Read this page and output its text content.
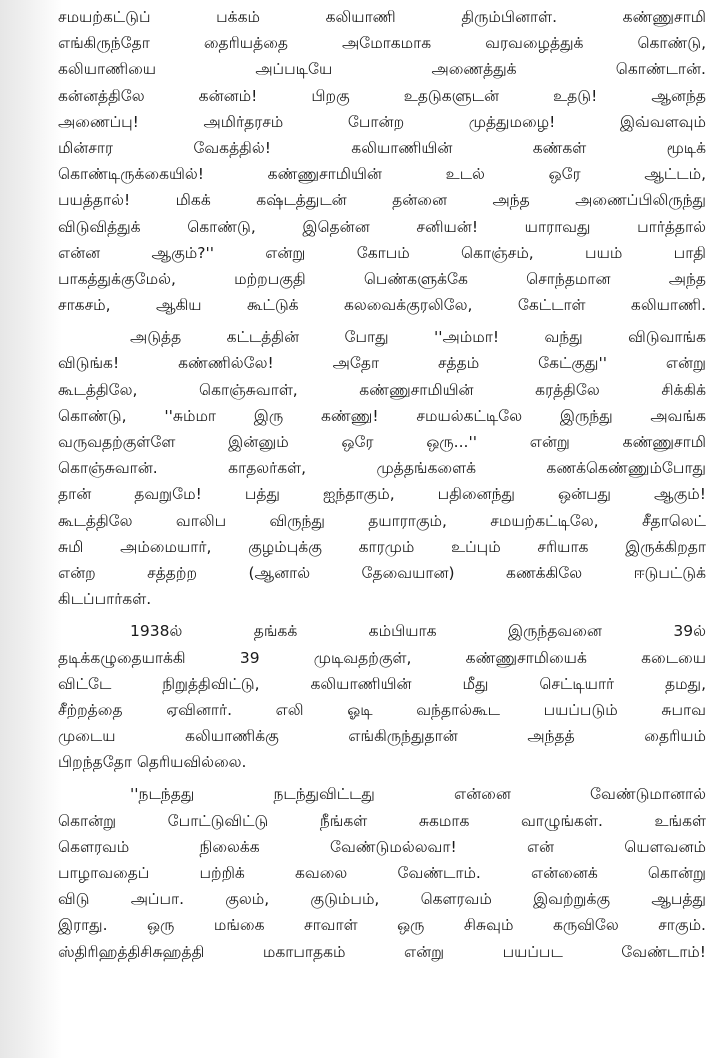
சமயற்கட்டுப் பக்கம் கலியாணி திரும்பினாள். கண்ணுசாமி
எங்கிருந்தோ தைரியத்தை அமோகமாக வரவழைத்துக் கொண்டு,
கலியாணியை அப்படியே அணைத்துக் கொண்டான்.
கன்னத்திலே கன்னம்! பிறகு உதடுகளுடன் உதடு! ஆனந்த
அணைப்பு! அமிர்தரசம் போன்ற முத்துமழை! இவ்வளவும்
மின்சார வேகத்தில்! கலியாணியின் கண்கள் மூடிக்
கொண்டிருக்கையில்! கண்ணுசாமியின் உடல் ஒரே ஆட்டம்,
பயத்தால்! மிகக் கஷ்டத்துடன் தன்னை அந்த அணைப்பிலிருந்து
விடுவித்துக் கொண்டு, இதென்ன சனியன்! யாராவது பார்த்தால்
என்ன ஆகும்?'' என்று கோபம் கொஞ்சம், பயம் பாதி
பாகத்துக்குமேல், மற்றபகுதி பெண்களுக்கே சொந்தமான அந்த
சாகசம், ஆகிய கூட்டுக் கலவைக்குரலிலே, கேட்டாள் கலியாணி.
அடுத்த கட்டத்தின் போது ''அம்மா! வந்து விடுவாங்க
விடுங்க! கண்ணில்லே! அதோ சத்தம் கேட்குது'' என்று
கூடத்திலே, கொஞ்சுவாள், கண்ணுசாமியின் கரத்திலே சிக்கிக்
கொண்டு, ''சும்மா இரு கண்ணு! சமயல்கட்டிலே இருந்து அவங்க
வருவதற்குள்ளே இன்னும் ஒரே ஒரு...'' என்று கண்ணுசாமி
கொஞ்சுவான். காதலர்கள், முத்தங்களைக் கணக்கெண்ணும்போது
தான் தவறுமே! பத்து ஐந்தாகும், பதினைந்து ஒன்பது ஆகும்!
கூடத்திலே வாலிப விருந்து தயாராகும், சமயற்கட்டிலே, சீதாலெட்
சுமி அம்மையார், குழம்புக்கு காரமும் உப்பும் சரியாக இருக்கிறதா
என்ற சத்தற்ற (ஆனால் தேவையான) கணக்கிலே ஈடுபட்டுக்
கிடப்பார்கள்.
1938ல் தங்கக் கம்பியாக இருந்தவனை 39ல்
தடிக்கழுதையாக்கி 39 முடிவதற்குள், கண்ணுசாமியைக் கடையை
விட்டே நிறுத்திவிட்டு, கலியாணியின் மீது செட்டியார் தமது,
சீற்றத்தை ஏவினார். எலி ஓடி வந்தால்கூட பயப்படும் சுபாவ
முடைய கலியாணிக்கு எங்கிருந்துதான் அந்தத் தைரியம்
பிறந்ததோ தெரியவில்லை.
''நடந்தது நடந்துவிட்டது என்னை வேண்டுமானால்
கொன்று போட்டுவிட்டு நீங்கள் சுகமாக வாழுங்கள். உங்கள்
கௌரவம் நிலைக்க வேண்டுமல்லவா! என் யௌவனம்
பாழாவதைப் பற்றிக் கவலை வேண்டாம். என்னைக் கொன்று
விடு அப்பா. குலம், குடும்பம், கௌரவம் இவற்றுக்கு ஆபத்து
இராது. ஒரு மங்கை சாவாள் ஒரு சிசுவும் கருவிலே சாகும்.
ஸ்திரிஹத்திசிசுஹத்தி மகாபாதகம் என்று பயப்பட வேண்டாம்!
